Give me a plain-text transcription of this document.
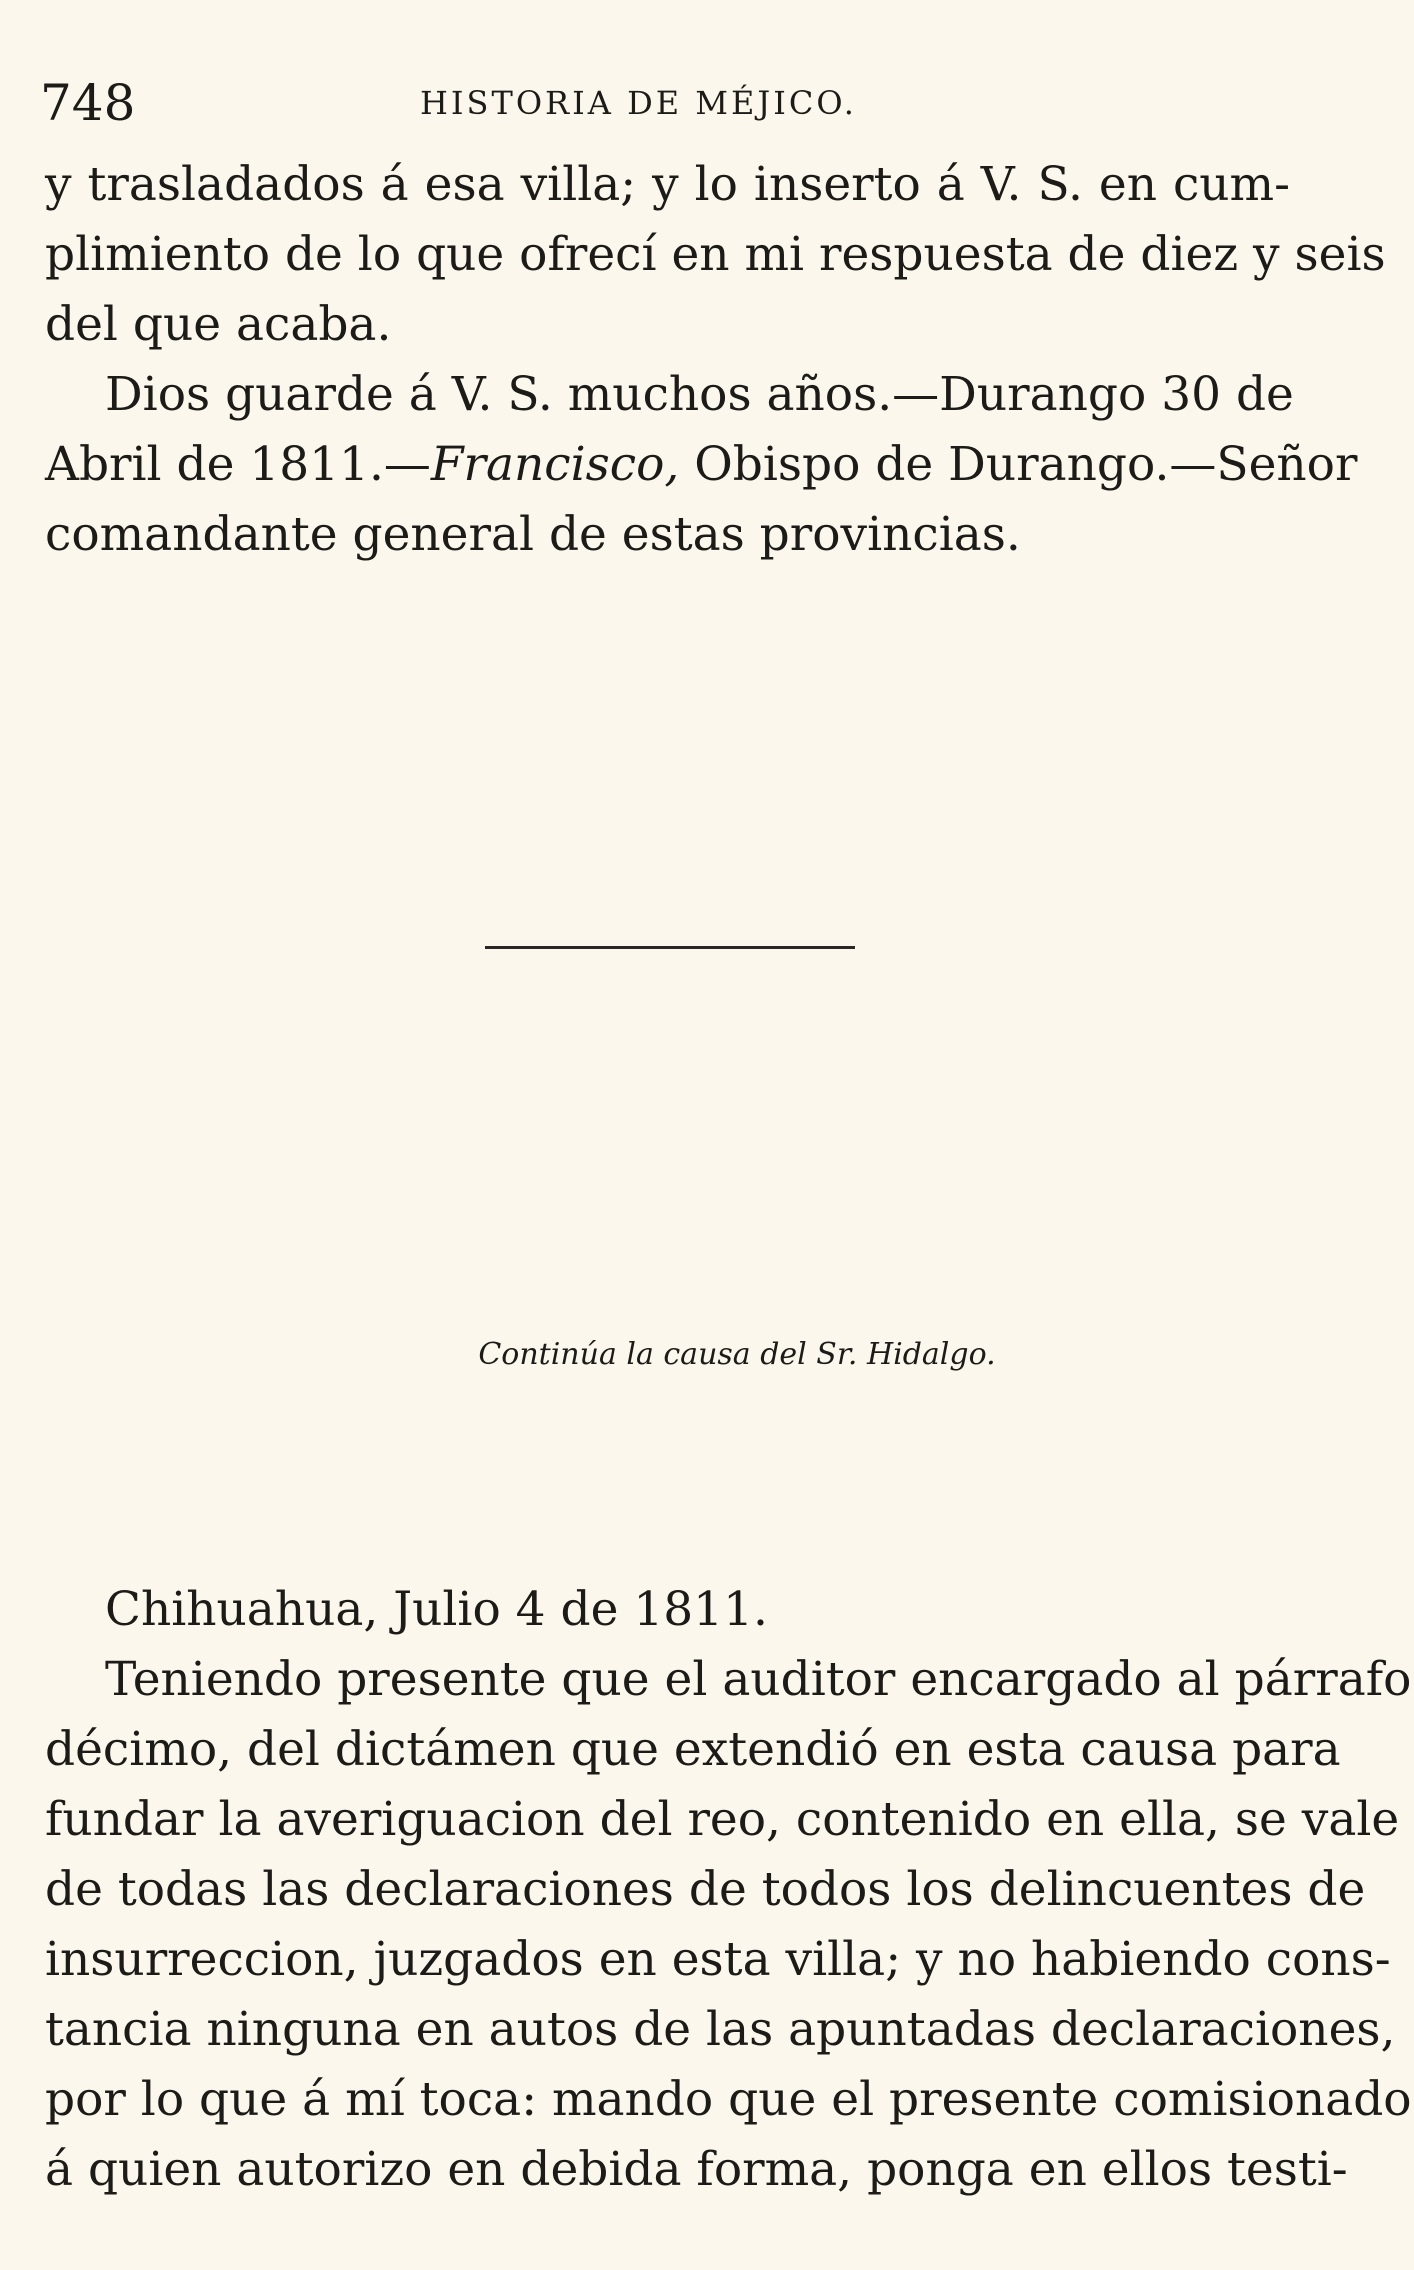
748	HISTORIA DE MÉJICO.
y trasladados á esa villa; y lo inserto á V. S. en cum-
plimiento de lo que ofrecí en mi respuesta de diez y seis
del que acaba.
Dios guarde á V. S. muchos años.—Durango 30 de
Abril de 1811.—Francisco, Obispo de Durango.—Señor
comandante general de estas provincias.
Continúa la causa del Sr. Hidalgo.
Chihuahua, Julio 4 de 1811.
Teniendo presente que el auditor encargado al párrafo
décimo, del dictámen que extendió en esta causa para
fundar la averiguacion del reo, contenido en ella, se vale
de todas las declaraciones de todos los delincuentes de
insurreccion, juzgados en esta villa; y no habiendo cons-
tancia ninguna en autos de las apuntadas declaraciones,
por lo que á mí toca: mando que el presente comisionado
á quien autorizo en debida forma, ponga en ellos testi-
